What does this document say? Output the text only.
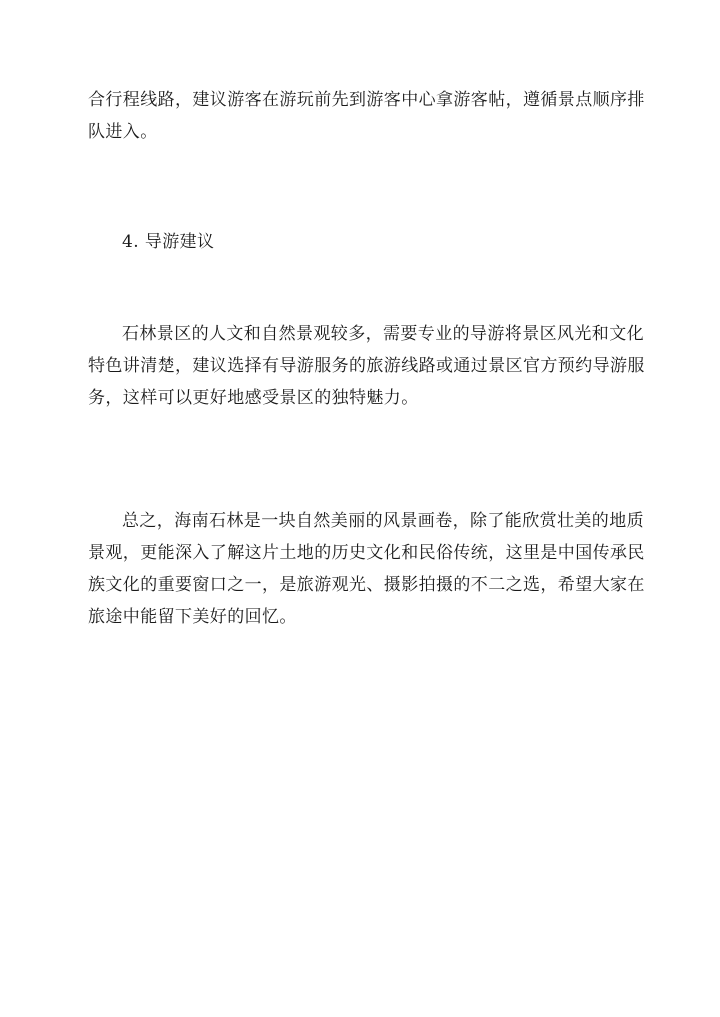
合行程线路，建议游客在游玩前先到游客中心拿游客帖，遵循景点顺序排
队进入。

4. 导游建议

石林景区的人文和自然景观较多，需要专业的导游将景区风光和文化
特色讲清楚，建议选择有导游服务的旅游线路或通过景区官方预约导游服
务，这样可以更好地感受景区的独特魅力。

总之，海南石林是一块自然美丽的风景画卷，除了能欣赏壮美的地质
景观，更能深入了解这片土地的历史文化和民俗传统，这里是中国传承民
族文化的重要窗口之一，是旅游观光、摄影拍摄的不二之选，希望大家在
旅途中能留下美好的回忆。
